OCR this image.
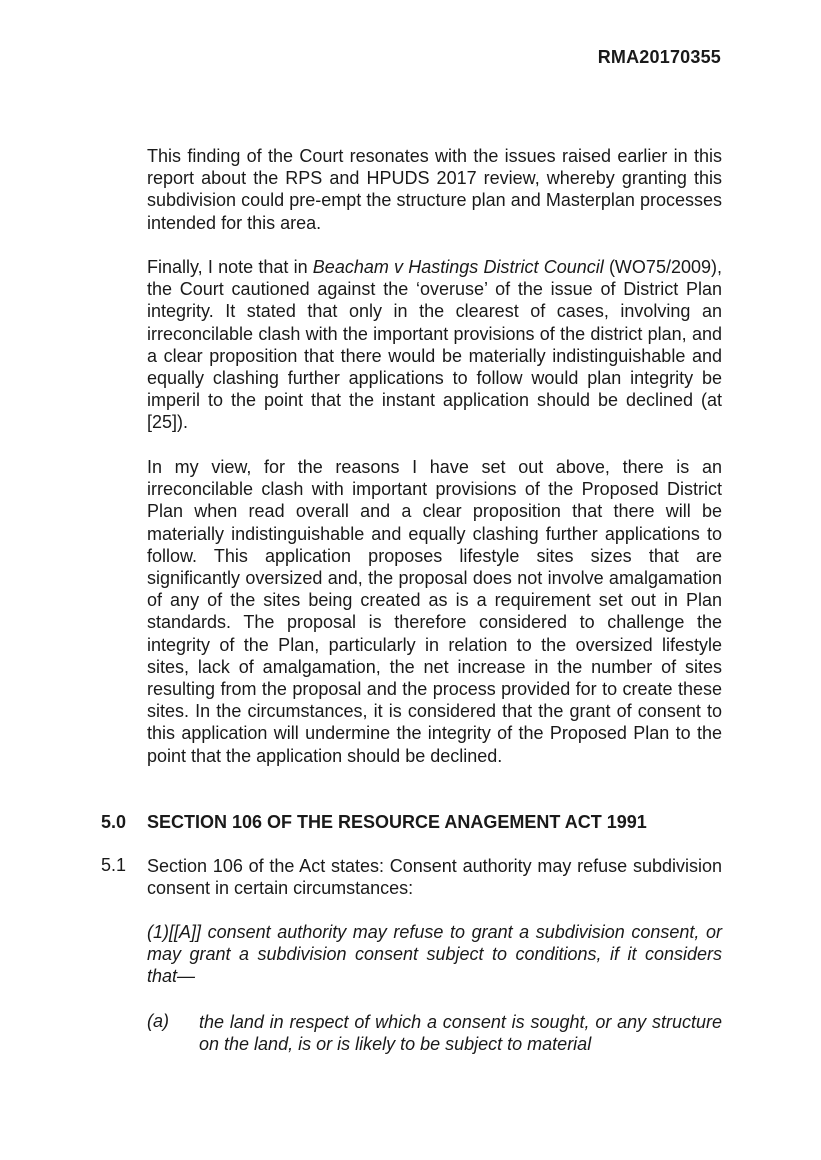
RMA20170355
This finding of the Court resonates with the issues raised earlier in this report about the RPS and HPUDS 2017 review, whereby granting this subdivision could pre-empt the structure plan and Masterplan processes intended for this area.
Finally, I note that in Beacham v Hastings District Council (WO75/2009), the Court cautioned against the ‘overuse’ of the issue of District Plan integrity. It stated that only in the clearest of cases, involving an irreconcilable clash with the important provisions of the district plan, and a clear proposition that there would be materially indistinguishable and equally clashing further applications to follow would plan integrity be imperil to the point that the instant application should be declined (at [25]).
In my view, for the reasons I have set out above, there is an irreconcilable clash with important provisions of the Proposed District Plan when read overall and a clear proposition that there will be materially indistinguishable and equally clashing further applications to follow. This application proposes lifestyle sites sizes that are significantly oversized and, the proposal does not involve amalgamation of any of the sites being created as is a requirement set out in Plan standards. The proposal is therefore considered to challenge the integrity of the Plan, particularly in relation to the oversized lifestyle sites, lack of amalgamation, the net increase in the number of sites resulting from the proposal and the process provided for to create these sites. In the circumstances, it is considered that the grant of consent to this application will undermine the integrity of the Proposed Plan to the point that the application should be declined.
5.0 SECTION 106 OF THE RESOURCE ANAGEMENT ACT 1991
5.1 Section 106 of the Act states: Consent authority may refuse subdivision consent in certain circumstances:
(1)[[A]] consent authority may refuse to grant a subdivision consent, or may grant a subdivision consent subject to conditions, if it considers that—
(a) the land in respect of which a consent is sought, or any structure on the land, is or is likely to be subject to material
